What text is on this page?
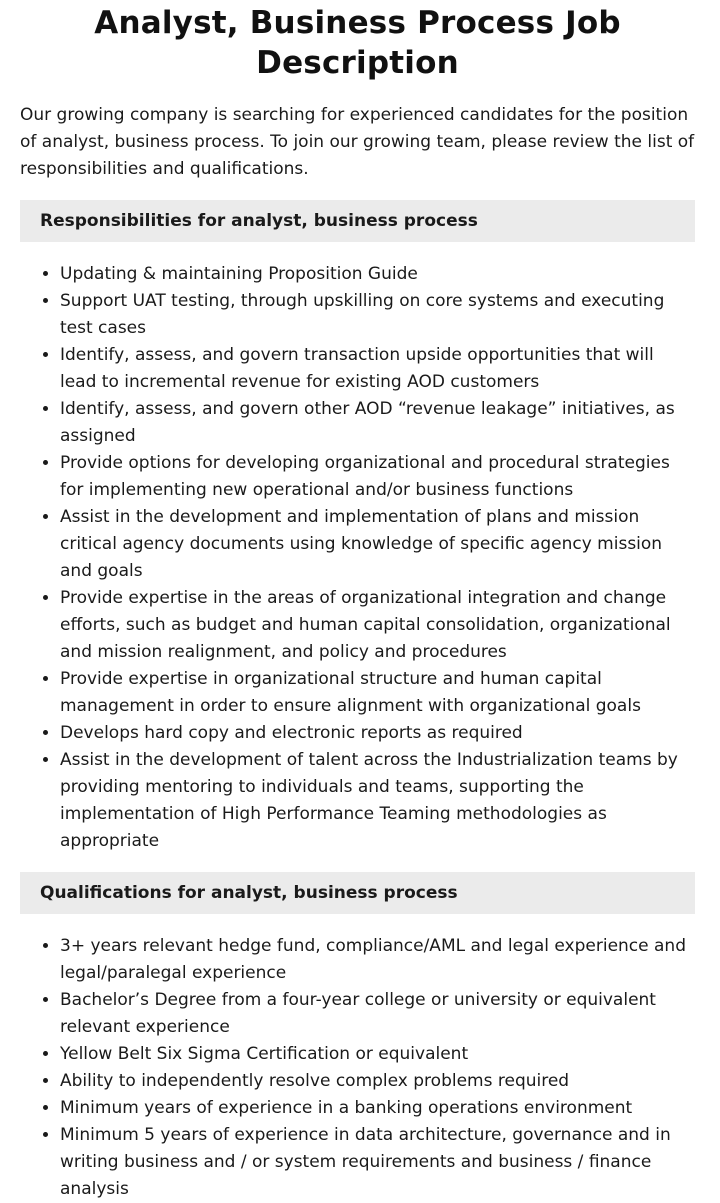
Analyst, Business Process Job Description

Our growing company is searching for experienced candidates for the position of analyst, business process. To join our growing team, please review the list of responsibilities and qualifications.

Responsibilities for analyst, business process
• Updating & maintaining Proposition Guide
• Support UAT testing, through upskilling on core systems and executing test cases
• Identify, assess, and govern transaction upside opportunities that will lead to incremental revenue for existing AOD customers
• Identify, assess, and govern other AOD “revenue leakage” initiatives, as assigned
• Provide options for developing organizational and procedural strategies for implementing new operational and/or business functions
• Assist in the development and implementation of plans and mission critical agency documents using knowledge of specific agency mission and goals
• Provide expertise in the areas of organizational integration and change efforts, such as budget and human capital consolidation, organizational and mission realignment, and policy and procedures
• Provide expertise in organizational structure and human capital management in order to ensure alignment with organizational goals
• Develops hard copy and electronic reports as required
• Assist in the development of talent across the Industrialization teams by providing mentoring to individuals and teams, supporting the implementation of High Performance Teaming methodologies as appropriate
Qualifications for analyst, business process
• 3+ years relevant hedge fund, compliance/AML and legal experience and legal/paralegal experience
• Bachelor’s Degree from a four-year college or university or equivalent relevant experience
• Yellow Belt Six Sigma Certification or equivalent
• Ability to independently resolve complex problems required
• Minimum years of experience in a banking operations environment
• Minimum 5 years of experience in data architecture, governance and in writing business and / or system requirements and business / finance analysis
